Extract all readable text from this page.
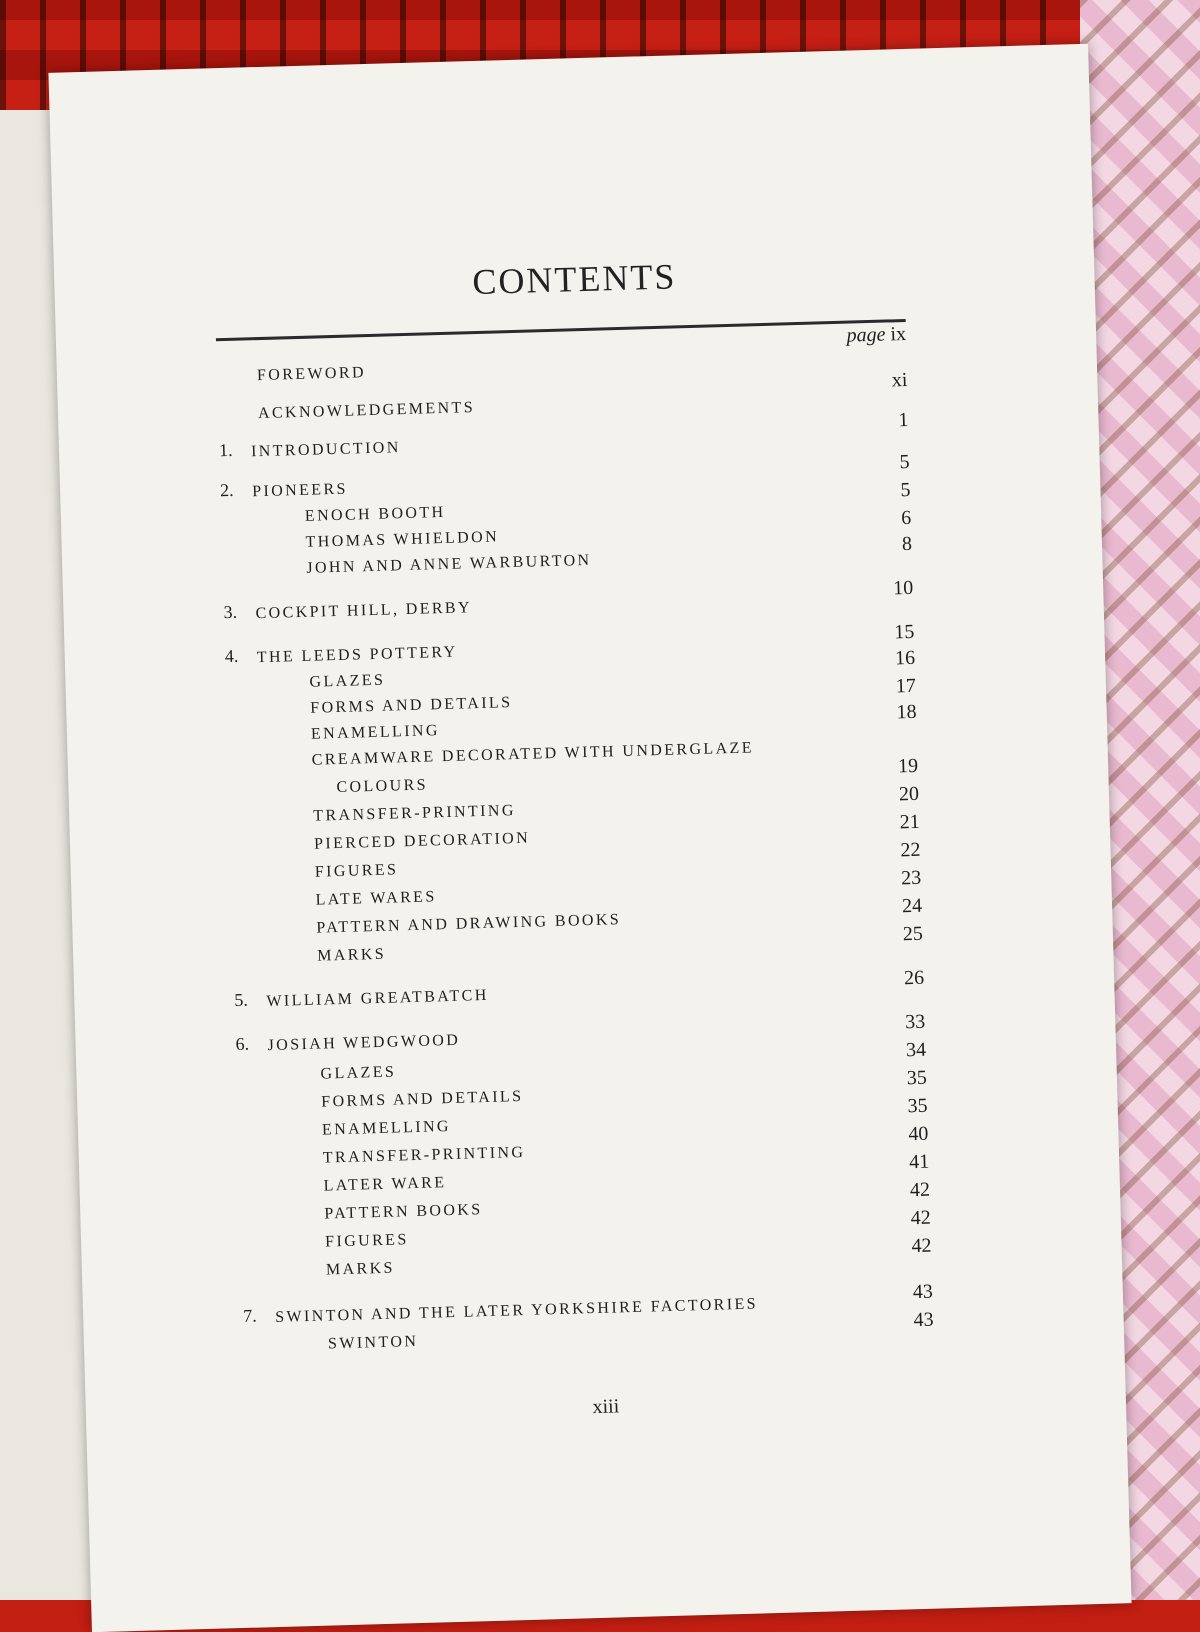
CONTENTS
FOREWORD
page ix
ACKNOWLEDGEMENTS
xi
1. INTRODUCTION
1
2. PIONEERS
5
ENOCH BOOTH
5
THOMAS WHIELDON
6
JOHN AND ANNE WARBURTON
8
3. COCKPIT HILL, DERBY
10
4. THE LEEDS POTTERY
15
GLAZES
16
FORMS AND DETAILS
17
ENAMELLING
18
CREAMWARE DECORATED WITH UNDERGLAZE
COLOURS
19
TRANSFER-PRINTING
20
PIERCED DECORATION
21
FIGURES
22
LATE WARES
23
PATTERN AND DRAWING BOOKS
24
MARKS
25
5. WILLIAM GREATBATCH
26
6. JOSIAH WEDGWOOD
33
GLAZES
34
FORMS AND DETAILS
35
ENAMELLING
35
TRANSFER-PRINTING
40
LATER WARE
41
PATTERN BOOKS
42
FIGURES
42
MARKS
42
7. SWINTON AND THE LATER YORKSHIRE FACTORIES
43
SWINTON
43
xiii
